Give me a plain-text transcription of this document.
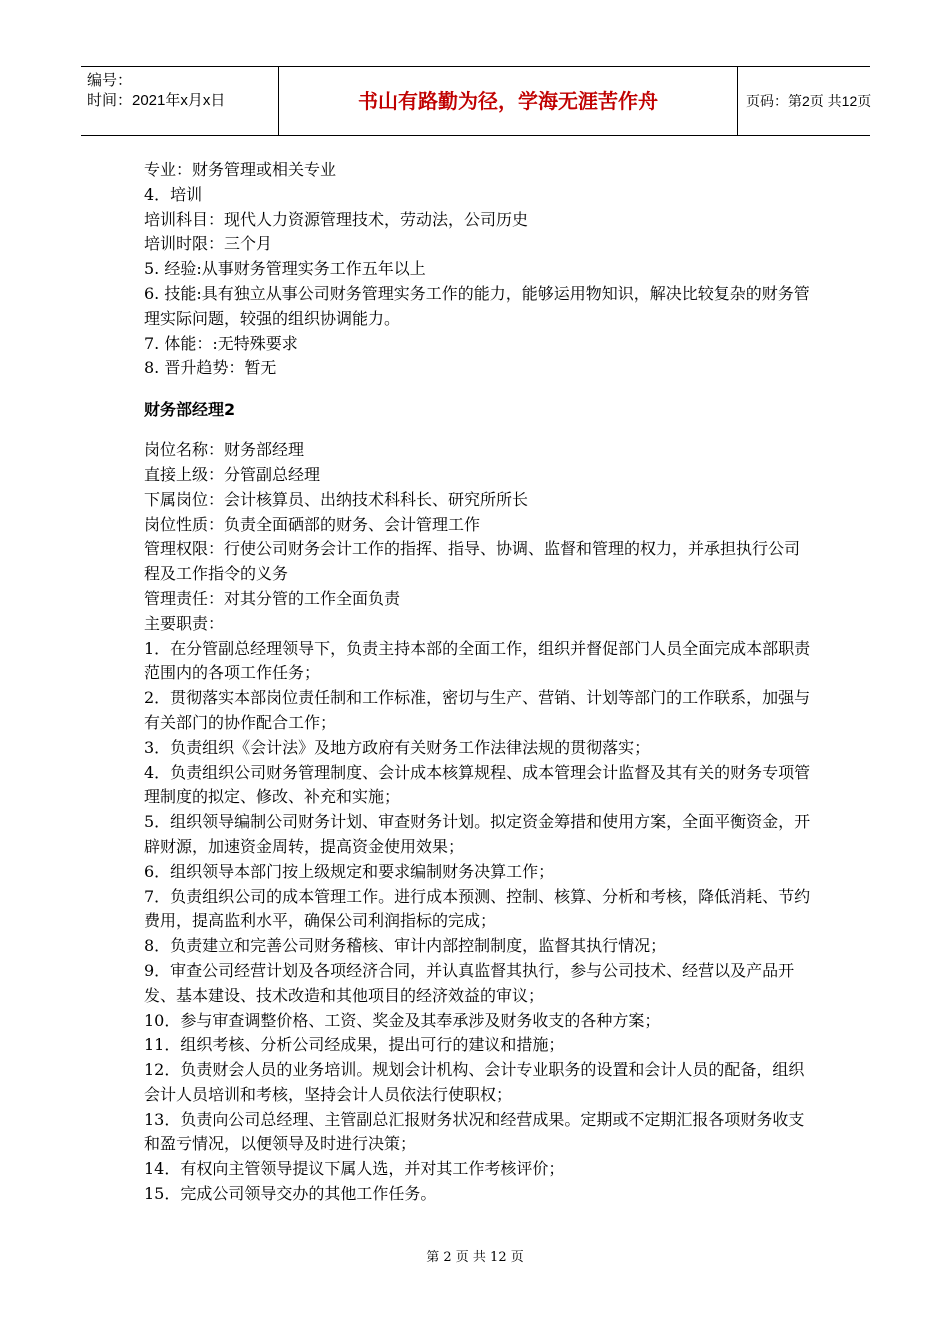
编号：
时间：2021年x月x日	书山有路勤为径，学海无涯苦作舟	页码：第2页 共12页

专业：财务管理或相关专业

4．培训

培训科目：现代人力资源管理技术，劳动法，公司历史

培训时限：三个月

5. 经验:从事财务管理实务工作五年以上

6. 技能:具有独立从事公司财务管理实务工作的能力，能够运用物知识，解决比较复杂的财务管理实际问题，较强的组织协调能力。

7. 体能：:无特殊要求

8. 晋升趋势：暂无

财务部经理2

岗位名称：财务部经理

直接上级：分管副总经理

下属岗位：会计核算员、出纳技术科科长、研究所所长

岗位性质：负责全面硒部的财务、会计管理工作

管理权限：行使公司财务会计工作的指挥、指导、协调、监督和管理的权力，并承担执行公司程及工作指令的义务

管理责任：对其分管的工作全面负责

主要职责：

1．在分管副总经理领导下，负责主持本部的全面工作，组织并督促部门人员全面完成本部职责范围内的各项工作任务；

2．贯彻落实本部岗位责任制和工作标准，密切与生产、营销、计划等部门的工作联系，加强与有关部门的协作配合工作；

3．负责组织《会计法》及地方政府有关财务工作法律法规的贯彻落实；

4．负责组织公司财务管理制度、会计成本核算规程、成本管理会计监督及其有关的财务专项管理制度的拟定、修改、补充和实施；

5．组织领导编制公司财务计划、审查财务计划。拟定资金筹措和使用方案，全面平衡资金，开辟财源，加速资金周转，提高资金使用效果；

6．组织领导本部门按上级规定和要求编制财务决算工作；

7．负责组织公司的成本管理工作。进行成本预测、控制、核算、分析和考核，降低消耗、节约费用，提高监利水平，确保公司利润指标的完成；

8．负责建立和完善公司财务稽核、审计内部控制制度，监督其执行情况；

9．审查公司经营计划及各项经济合同，并认真监督其执行，参与公司技术、经营以及产品开发、基本建设、技术改造和其他项目的经济效益的审议；

10．参与审查调整价格、工资、奖金及其奉承涉及财务收支的各种方案；

11．组织考核、分析公司经成果，提出可行的建议和措施；

12．负责财会人员的业务培训。规划会计机构、会计专业职务的设置和会计人员的配备，组织会计人员培训和考核，坚持会计人员依法行使职权；

13．负责向公司总经理、主管副总汇报财务状况和经营成果。定期或不定期汇报各项财务收支和盈亏情况，以便领导及时进行决策；

14．有权向主管领导提议下属人选，并对其工作考核评价；

15．完成公司领导交办的其他工作任务。

第 2 页 共 12 页
